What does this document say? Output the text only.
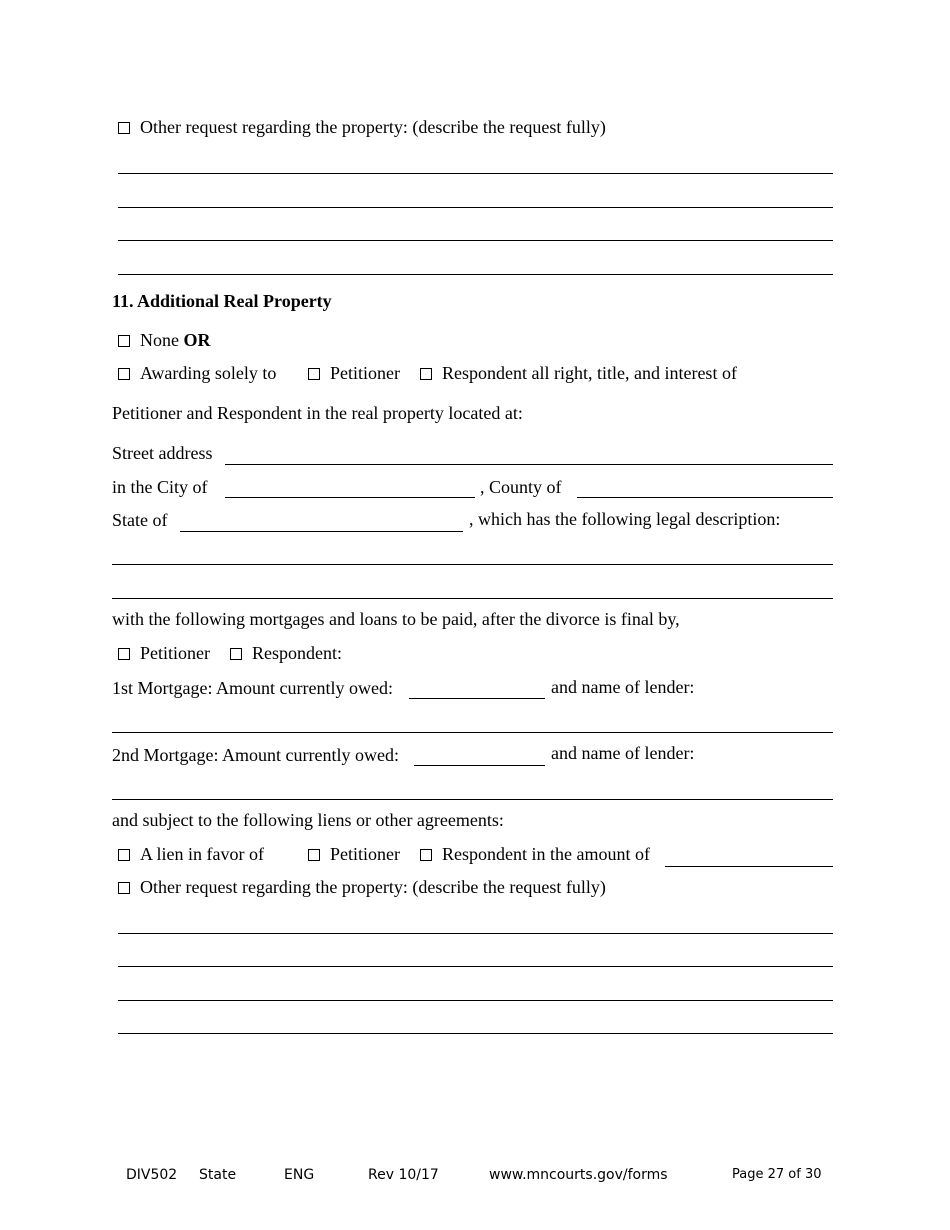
Other request regarding the property: (describe the request fully)
11. Additional Real Property
None OR
Awarding solely to	Petitioner Respondent all right, title, and interest of
Petitioner and Respondent in the real property located at:
Street address
in the City of	, County of
State of	, which has the following legal description:
with the following mortgages and loans to be paid, after the divorce is final by,
Petitioner Respondent:
1st Mortgage: Amount currently owed:	and name of lender:
2nd Mortgage: Amount currently owed:	and name of lender:
and subject to the following liens or other agreements:
A lien in favor of	Petitioner Respondent in the amount of
Other request regarding the property: (describe the request fully)
DIV502 State	ENG	Rev 10/17	www.mncourts.gov/forms	Page 27 of 30
